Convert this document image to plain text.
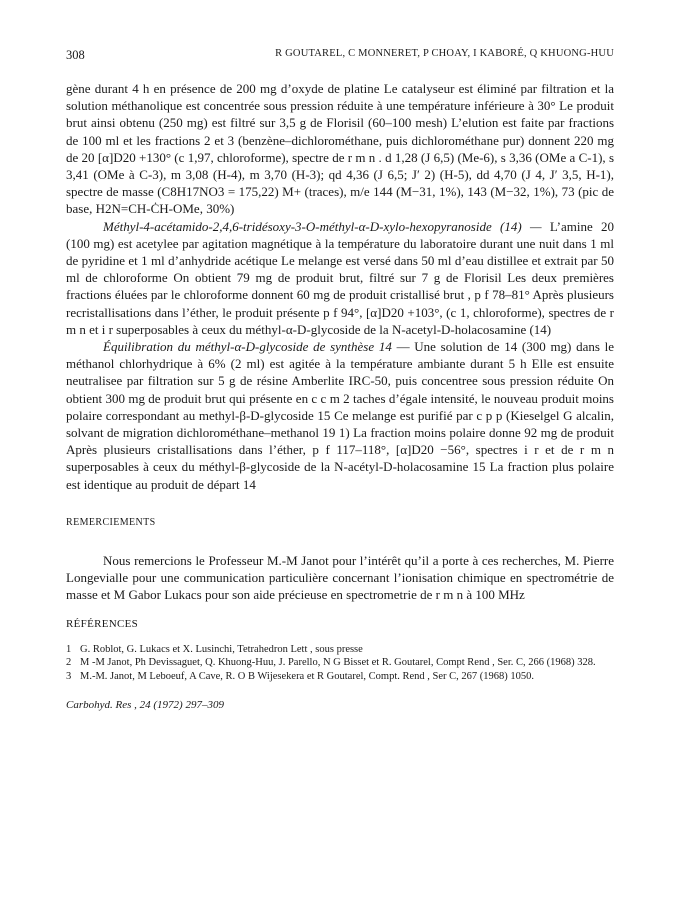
308	R GOUTAREL, C MONNERET, P CHOAY, I KABORÉ, Q KHUONG-HUU

gène durant 4 h en présence de 200 mg d’oxyde de platine Le catalyseur est éliminé par filtration et la solution méthanolique est concentrée sous pression réduite à une température inférieure à 30° Le produit brut ainsi obtenu (250 mg) est filtré sur 3,5 g de Florisil (60–100 mesh) L’elution est faite par fractions de 100 ml et les fractions 2 et 3 (benzène–dichlorométhane, puis dichlorométhane pur) donnent 220 mg de 20 [α]D20 +130° (c 1,97, chloroforme), spectre de r m n . d 1,28 (J 6,5) (Me-6), s 3,36 (OMe a C-1), s 3,41 (OMe à C-3), m 3,08 (H-4), m 3,70 (H-3); qd 4,36 (J 6,5; J′ 2) (H-5), dd 4,70 (J 4, J′ 3,5, H-1), spectre de masse (C8H17NO3 = 175,22) M+ (traces), m/e 144 (M−31, 1%), 143 (M−32, 1%), 73 (pic de base, H2N=CH-ĊH-OMe, 30%)

Méthyl-4-acétamido-2,4,6-tridésoxy-3-O-méthyl-α-D-xylo-hexopyranoside (14) — L’amine 20 (100 mg) est acetylee par agitation magnétique à la température du laboratoire durant une nuit dans 1 ml de pyridine et 1 ml d’anhydride acétique Le melange est versé dans 50 ml d’eau distillee et extrait par 50 ml de chloroforme On obtient 79 mg de produit brut, filtré sur 7 g de Florisil Les deux premières fractions éluées par le chloroforme donnent 60 mg de produit cristallisé brut , p f 78–81° Après plusieurs recristallisations dans l’éther, le produit présente p f 94°, [α]D20 +103°, (c 1, chloroforme), spectres de r m n et i r superposables à ceux du méthyl-α-D-glycoside de la N-acetyl-D-holacosamine (14)

Équilibration du méthyl-α-D-glycoside de synthèse 14 — Une solution de 14 (300 mg) dans le méthanol chlorhydrique à 6% (2 ml) est agitée à la température ambiante durant 5 h Elle est ensuite neutralisee par filtration sur 5 g de résine Amberlite IRC-50, puis concentree sous pression réduite On obtient 300 mg de produit brut qui présente en c c m 2 taches d’égale intensité, le nouveau produit moins polaire correspondant au methyl-β-D-glycoside 15 Ce melange est purifié par c p p (Kieselgel G alcalin, solvant de migration dichlorométhane–methanol 19 1) La fraction moins polaire donne 92 mg de produit Après plusieurs cristallisations dans l’éther, p f 117–118°, [α]D20 −56°, spectres i r et de r m n superposables à ceux du méthyl-β-glycoside de la N-acétyl-D-holacosamine 15 La fraction plus polaire est identique au produit de départ 14

REMERCIEMENTS

Nous remercions le Professeur M.-M Janot pour l’intérêt qu’il a porte à ces recherches, M. Pierre Longevialle pour une communication particulière concernant l’ionisation chimique en spectrométrie de masse et M Gabor Lukacs pour son aide précieuse en spectrometrie de r m n à 100 MHz

RÉFÉRENCES

1 G. Roblot, G. Lukacs et X. Lusinchi, Tetrahedron Lett , sous presse
2 M -M Janot, Ph Devissaguet, Q. Khuong-Huu, J. Parello, N G Bisset et R. Goutarel, Compt Rend , Ser. C, 266 (1968) 328.
3 M.-M. Janot, M Leboeuf, A Cave, R. O B Wijesekera et R Goutarel, Compt. Rend , Ser C, 267 (1968) 1050.

Carbohyd. Res , 24 (1972) 297–309
